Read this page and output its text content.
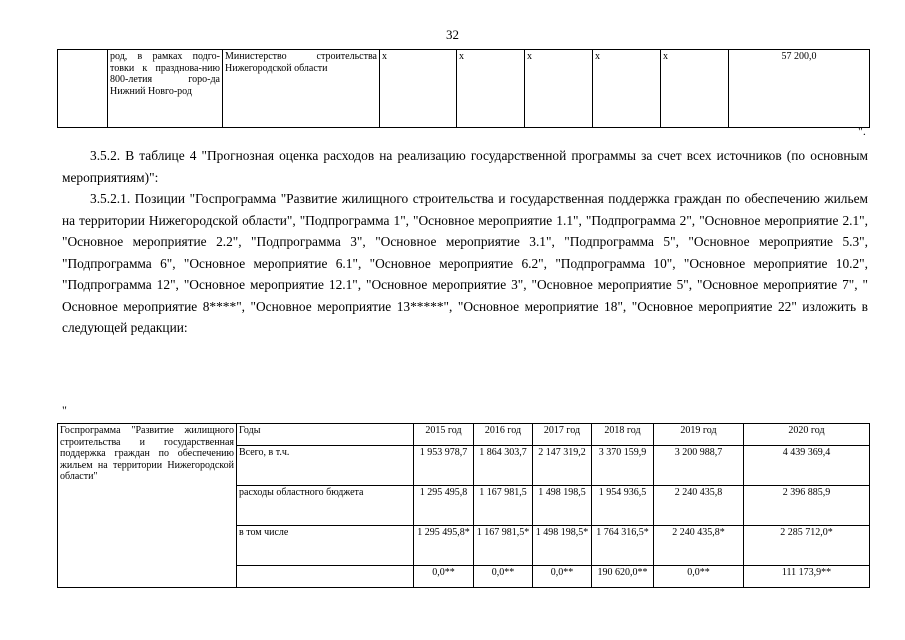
32
	род, в рамках подго-товки к празднова-нию 800-летия горо-да Нижний Новго-род	Министерство строительства Нижегородской области	x	x	x	x	x	57 200,0
".

3.5.2. В таблице 4 "Прогнозная оценка расходов на реализацию государственной программы за счет всех источников (по основным мероприятиям)":

3.5.2.1. Позиции "Госпрограмма "Развитие жилищного строительства и государственная поддержка граждан по обеспечению жильем на территории Нижегородской области", "Подпрограмма 1", "Основное мероприятие 1.1", "Подпрограмма 2", "Основное мероприятие 2.1", "Основное мероприятие 2.2", "Подпрограмма 3", "Основное мероприятие 3.1", "Подпрограмма 5", "Основное мероприятие 5.3", "Подпрограмма 6", "Основное мероприятие 6.1", "Основное мероприятие 6.2", "Подпрограмма 10", "Основное мероприятие 10.2", "Подпрограмма 12", "Основное мероприятие 12.1", "Основное мероприятие 3", "Основное мероприятие 5", "Основное мероприятие 7", " Основное мероприятие 8****", "Основное мероприятие 13*****", "Основное мероприятие 18", "Основное мероприятие 22" изложить в следующей редакции:

"
Госпрограмма "Развитие жилищного строительства и государственная поддержка граждан по обеспечению жильем на территории Нижегородской области"	Годы	2015 год	2016 год	2017 год	2018 год	2019 год	2020 год
	Всего, в т.ч.	1 953 978,7	1 864 303,7	2 147 319,2	3 370 159,9	3 200 988,7	4 439 369,4
	расходы областного бюджета	1 295 495,8	1 167 981,5	1 498 198,5	1 954 936,5	2 240 435,8	2 396 885,9
	в том числе	1 295 495,8*	1 167 981,5*	1 498 198,5*	1 764 316,5*	2 240 435,8*	2 285 712,0*
		0,0**	0,0**	0,0**	190 620,0**	0,0**	111 173,9**
